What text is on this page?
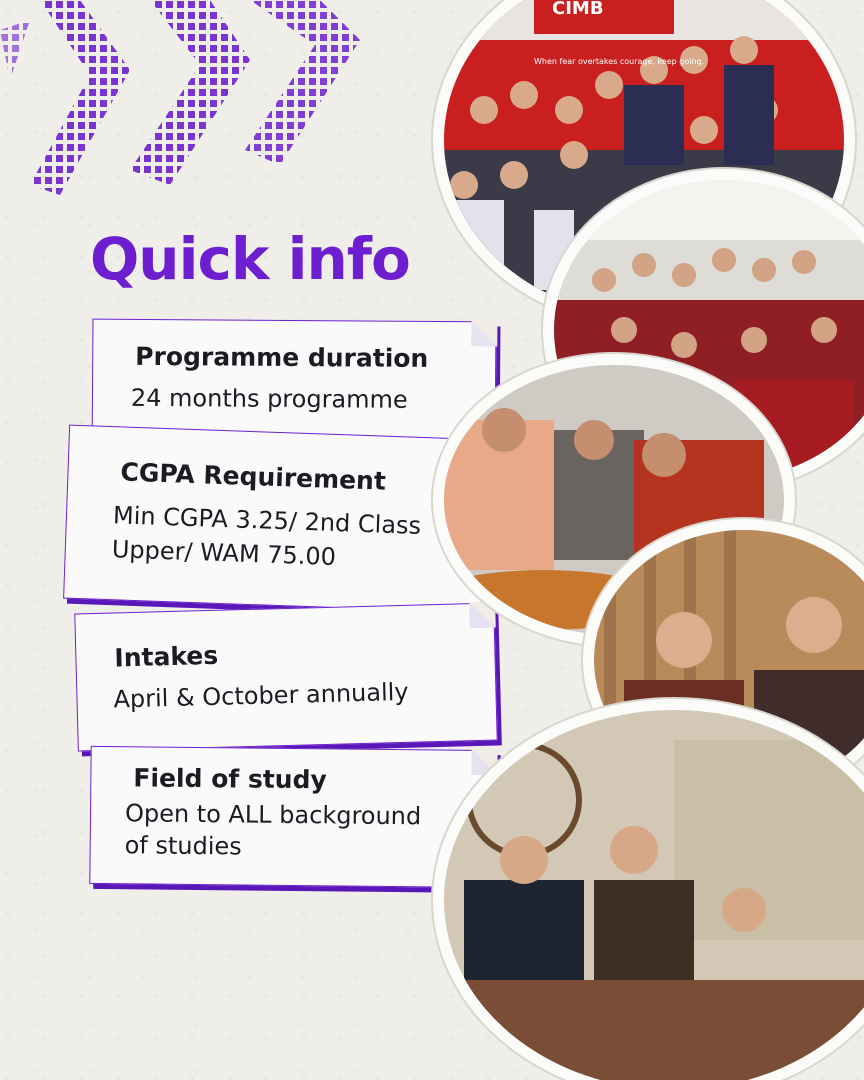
Quick info
Programme duration
24 months programme
CGPA Requirement
Min CGPA 3.25/ 2nd Class
Upper/ WAM 75.00
Intakes
April & October annually
Field of study
Open to ALL background
of studies
CIMB
When fear overtakes courage, keep going.
